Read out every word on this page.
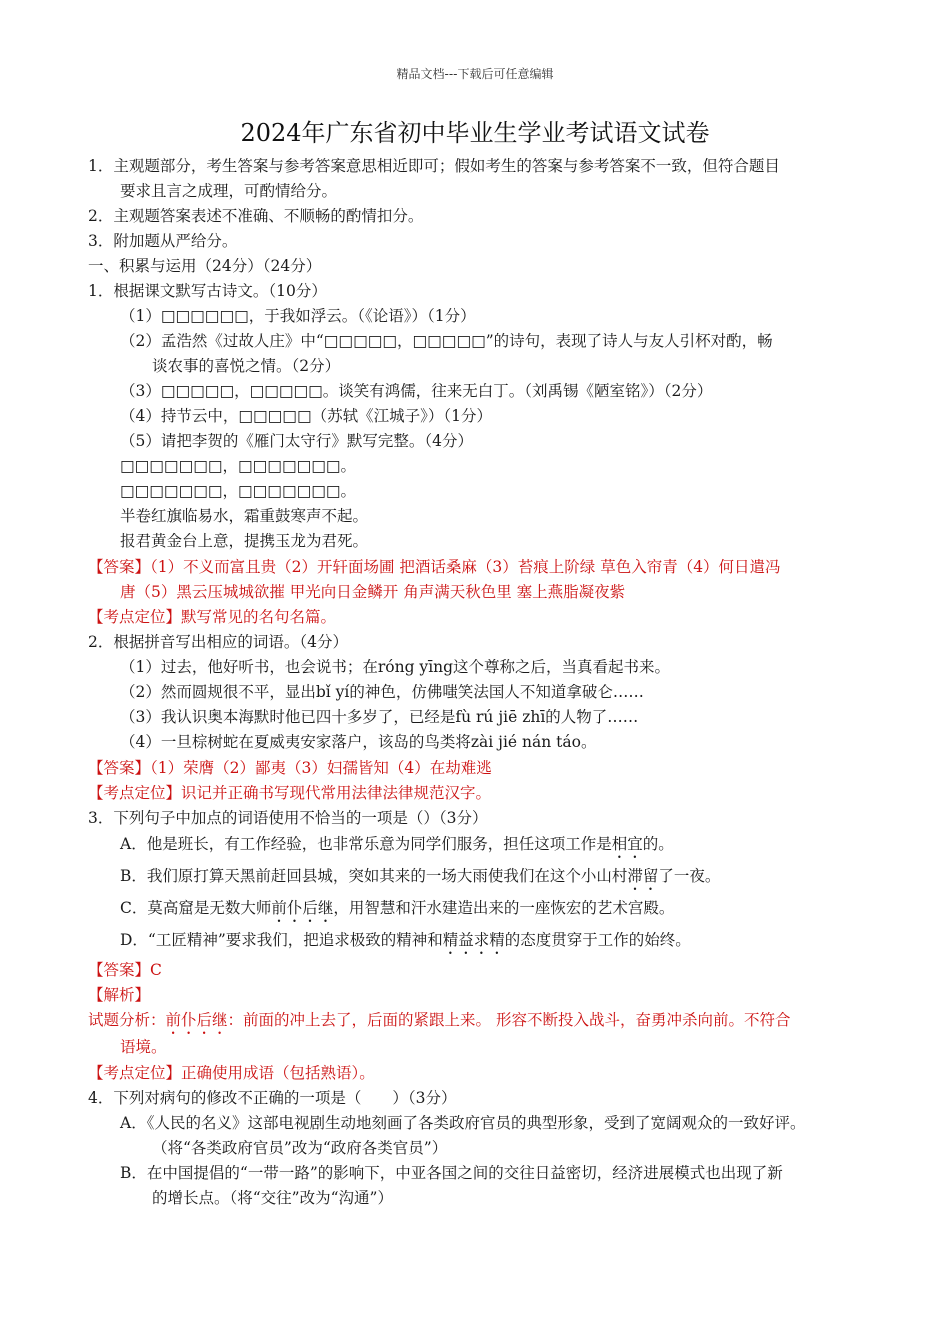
精品文档---下载后可任意编辑
2024年广东省初中毕业生学业考试语文试卷
1．主观题部分，考生答案与参考答案意思相近即可；假如考生的答案与参考答案不一致，但符合题目
要求且言之成理，可酌情给分。
2．主观题答案表述不准确、不顺畅的酌情扣分。
3．附加题从严给分。
一、积累与运用（24分）（24分）
1．根据课文默写古诗文。（10分）
（1）□□□□□□，于我如浮云。（《论语》）（1分）
（2）孟浩然《过故人庄》中“□□□□□，□□□□□”的诗句，表现了诗人与友人引杯对酌，畅
谈农事的喜悦之情。（2分）
（3）□□□□□，□□□□□。谈笑有鸿儒，往来无白丁。（刘禹锡《陋室铭》）（2分）
（4）持节云中，□□□□□（苏轼《江城子》）（1分）
（5）请把李贺的《雁门太守行》默写完整。（4分）
□□□□□□□，□□□□□□□。
□□□□□□□，□□□□□□□。
半卷红旗临易水，霜重鼓寒声不起。
报君黄金台上意，提携玉龙为君死。
【答案】（1）不义而富且贵（2）开轩面场圃 把酒话桑麻（3）苔痕上阶绿 草色入帘青（4）何日遣冯
唐（5）黑云压城城欲摧 甲光向日金鳞开 角声满天秋色里 塞上燕脂凝夜紫
【考点定位】默写常见的名句名篇。
2．根据拼音写出相应的词语。（4分）
（1）过去，他好听书，也会说书；在róng yīng这个尊称之后，当真看起书来。
（2）然而圆规很不平，显出bǐ yí的神色，仿佛嗤笑法国人不知道拿破仑……
（3）我认识奥本海默时他已四十多岁了，已经是fù rú jiē zhī的人物了……
（4）一旦棕树蛇在夏威夷安家落户，该岛的鸟类将zài jié nán táo。
【答案】（1）荣膺（2）鄙夷（3）妇孺皆知（4）在劫难逃
【考点定位】识记并正确书写现代常用法律法律规范汉字。
3．下列句子中加点的词语使用不恰当的一项是（）（3分）
A．他是班长，有工作经验，也非常乐意为同学们服务，担任这项工作是相宜的。
B．我们原打算天黑前赶回县城，突如其来的一场大雨使我们在这个小山村滞留了一夜。
C．莫高窟是无数大师前仆后继，用智慧和汗水建造出来的一座恢宏的艺术宫殿。
D．“工匠精神”要求我们，把追求极致的精神和精益求精的态度贯穿于工作的始终。
【答案】C
【解析】
试题分析：前仆后继：前面的冲上去了，后面的紧跟上来。 形容不断投入战斗，奋勇冲杀向前。不符合
语境。
【考点定位】正确使用成语（包括熟语）。
4．下列对病句的修改不正确的一项是（　　）（3分）
A．《人民的名义》这部电视剧生动地刻画了各类政府官员的典型形象，受到了宽阔观众的一致好评。
（将“各类政府官员”改为“政府各类官员”）
B．在中国提倡的“一带一路”的影响下，中亚各国之间的交往日益密切，经济进展模式也出现了新
的增长点。（将“交往”改为“沟通”）
